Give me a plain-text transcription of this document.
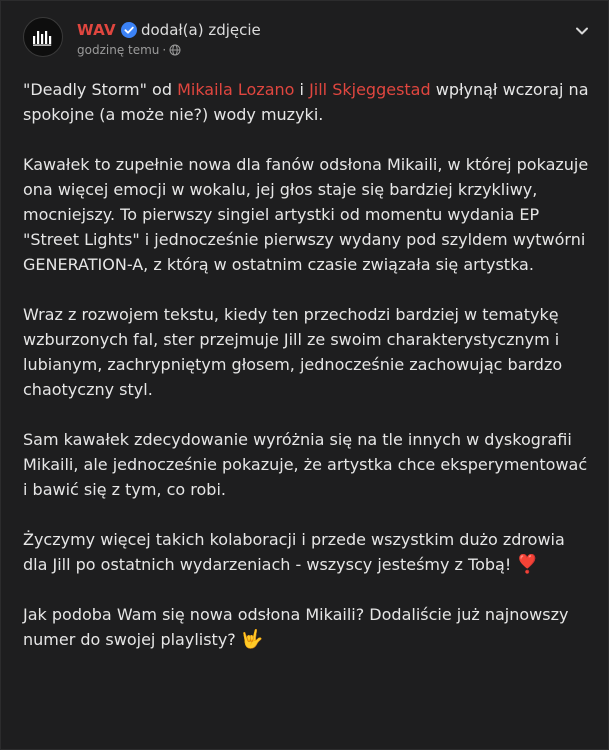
WAV dodał(a) zdjęcie
godzinę temu ·

"Deadly Storm" od Mikaila Lozano i Jill Skjeggestad wpłynął wczoraj na spokojne (a może nie?) wody muzyki.

Kawałek to zupełnie nowa dla fanów odsłona Mikaili, w której pokazuje ona więcej emocji w wokalu, jej głos staje się bardziej krzykliwy, mocniejszy. To pierwszy singiel artystki od momentu wydania EP "Street Lights" i jednocześnie pierwszy wydany pod szyldem wytwórni GENERATION-A, z którą w ostatnim czasie związała się artystka.

Wraz z rozwojem tekstu, kiedy ten przechodzi bardziej w tematykę wzburzonych fal, ster przejmuje Jill ze swoim charakterystycznym i lubianym, zachrypniętym głosem, jednocześnie zachowując bardzo chaotyczny styl.

Sam kawałek zdecydowanie wyróżnia się na tle innych w dyskografii Mikaili, ale jednocześnie pokazuje, że artystka chce eksperymentować i bawić się z tym, co robi.

Życzymy więcej takich kolaboracji i przede wszystkim dużo zdrowia dla Jill po ostatnich wydarzeniach - wszyscy jesteśmy z Tobą! ❣️

Jak podoba Wam się nowa odsłona Mikaili? Dodaliście już najnowszy numer do swojej playlisty? 🤟
